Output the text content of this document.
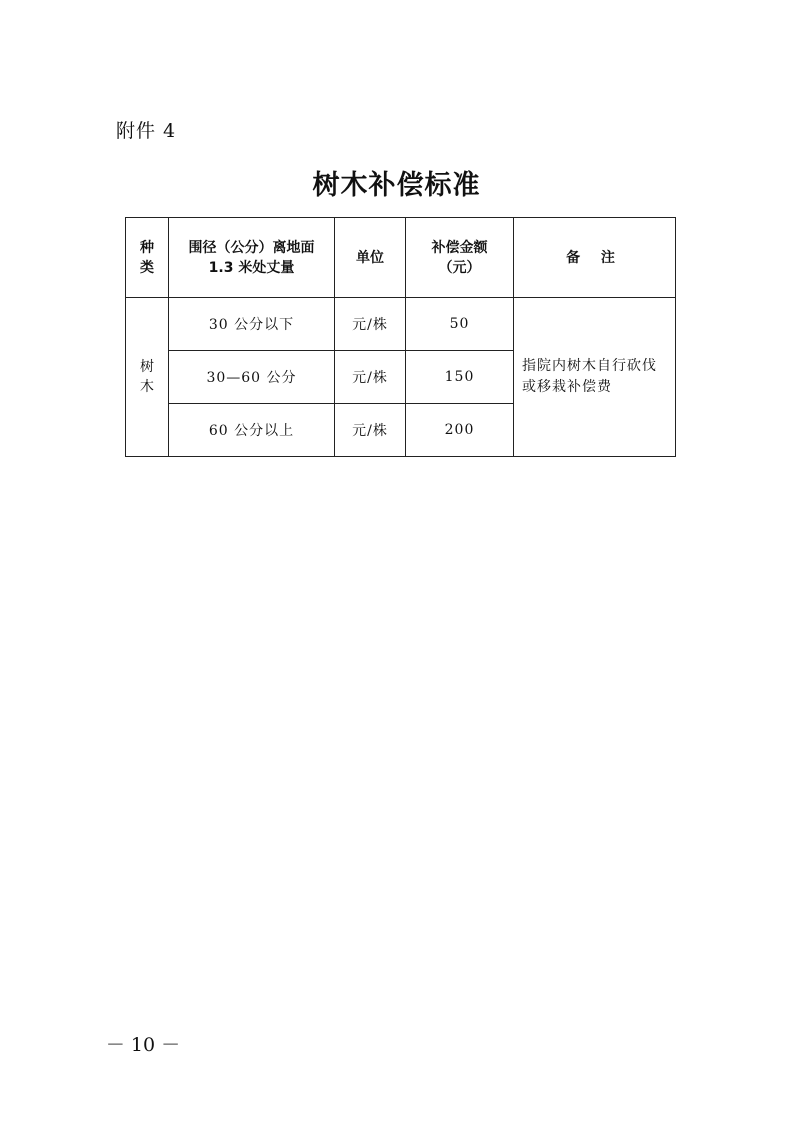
附件 4
树木补偿标准
种类	围径（公分）离地面1.3 米处丈量	单位	补偿金额（元）	备 注
树木	30 公分以下	元/株	50	指院内树木自行砍伐或移栽补偿费
	30—60 公分	元/株	150	
	60 公分以上	元/株	200	
－ 10 －
